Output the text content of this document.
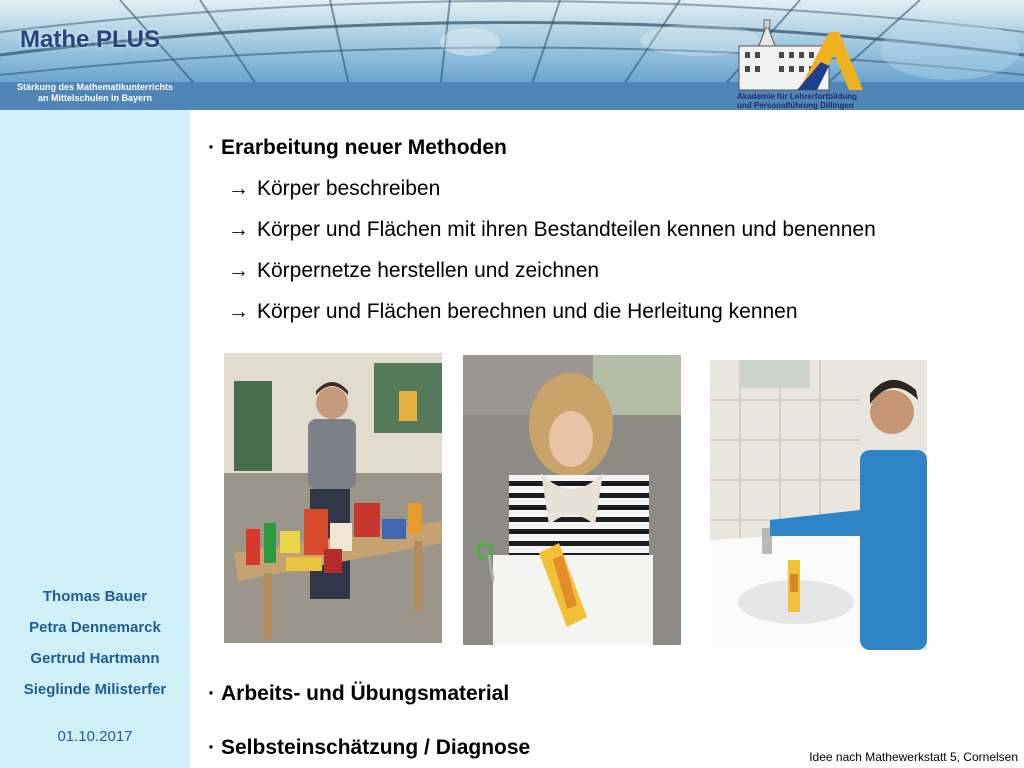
Mathe PLUS
Stärkung des Mathematikunterrichts
an Mittelschulen in Bayern	Akademie für Lehrerfortbildung
und Personalführung Dillingen
Thomas Bauer
Petra Dennemarck
Gertrud Hartmann
Sieglinde Milisterfer
01.10.2017
· Erarbeitung neuer Methoden
→ Körper beschreiben
→ Körper und Flächen mit ihren Bestandteilen kennen und benennen
→ Körpernetze herstellen und zeichnen
→ Körper und Flächen berechnen und die Herleitung kennen
· Arbeits- und Übungsmaterial
· Selbsteinschätzung / Diagnose	Idee nach Mathewerkstatt 5, Cornelsen
